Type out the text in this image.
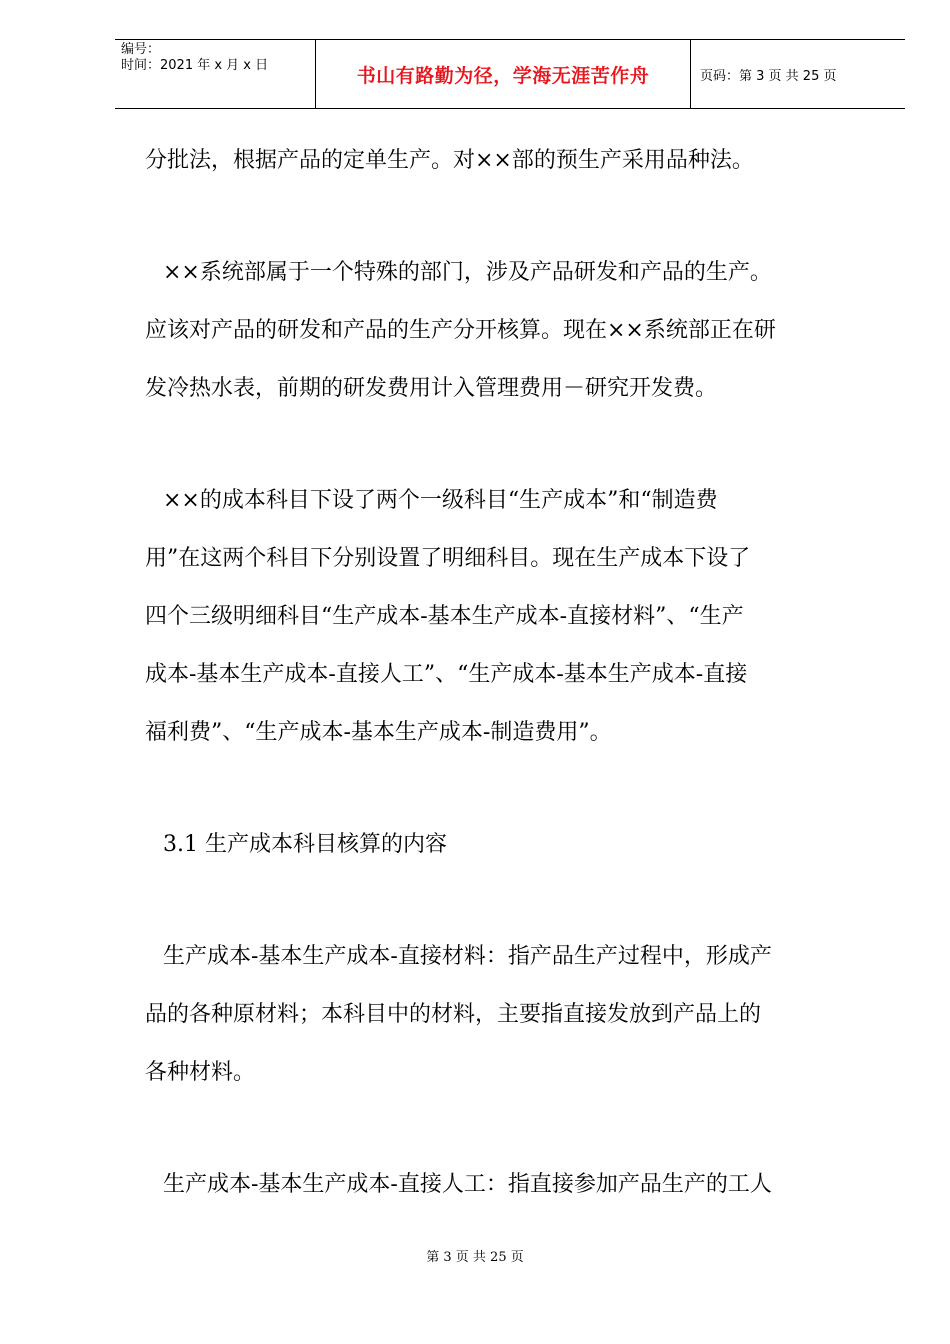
编号：
时间：2021 年 x 月 x 日	书山有路勤为径，学海无涯苦作舟	页码：第 3 页 共 25 页

分批法，根据产品的定单生产。对××部的预生产采用品种法。

××系统部属于一个特殊的部门，涉及产品研发和产品的生产。

应该对产品的研发和产品的生产分开核算。现在××系统部正在研

发冷热水表，前期的研发费用计入管理费用－研究开发费。

××的成本科目下设了两个一级科目“生产成本”和“制造费

用”在这两个科目下分别设置了明细科目。现在生产成本下设了

四个三级明细科目“生产成本-基本生产成本-直接材料”、“生产

成本-基本生产成本-直接人工”、“生产成本-基本生产成本-直接

福利费”、“生产成本-基本生产成本-制造费用”。

3.1 生产成本科目核算的内容

生产成本-基本生产成本-直接材料：指产品生产过程中，形成产

品的各种原材料；本科目中的材料，主要指直接发放到产品上的

各种材料。

生产成本-基本生产成本-直接人工：指直接参加产品生产的工人

第 3 页 共 25 页
